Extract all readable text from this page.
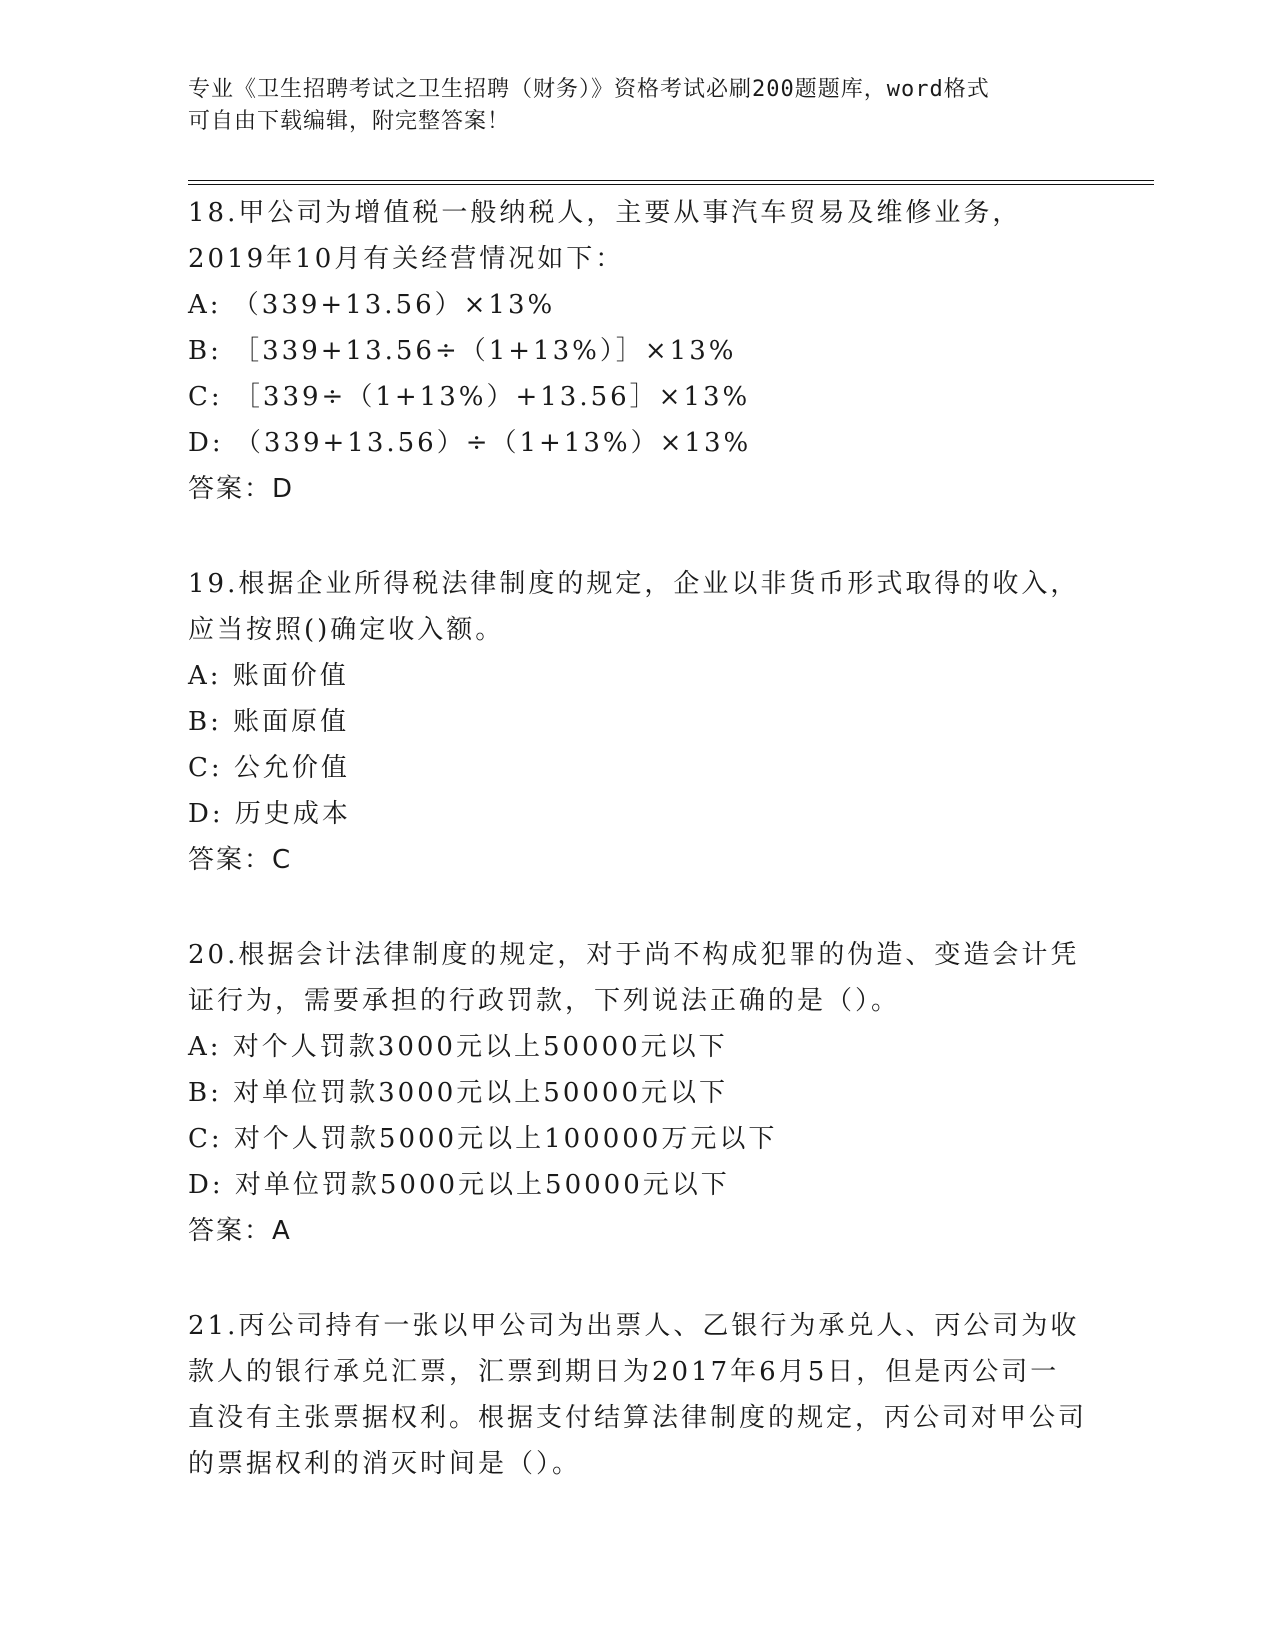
专业《卫生招聘考试之卫生招聘（财务）》资格考试必刷200题题库，word格式
可自由下载编辑，附完整答案！
18.甲公司为增值税一般纳税人，主要从事汽车贸易及维修业务，2019年10月有关经营情况如下：
A: （339+13.56）×13%
B: ［339+13.56÷（1+13%）］×13%
C: ［339÷（1+13%）+13.56］×13%
D: （339+13.56）÷（1+13%）×13%
答案：D
19.根据企业所得税法律制度的规定，企业以非货币形式取得的收入，应当按照()确定收入额。
A: 账面价值
B: 账面原值
C: 公允价值
D: 历史成本
答案：C
20.根据会计法律制度的规定，对于尚不构成犯罪的伪造、变造会计凭证行为，需要承担的行政罚款，下列说法正确的是（）。
A: 对个人罚款3000元以上50000元以下
B: 对单位罚款3000元以上50000元以下
C: 对个人罚款5000元以上100000万元以下
D: 对单位罚款5000元以上50000元以下
答案：A
21.丙公司持有一张以甲公司为出票人、乙银行为承兑人、丙公司为收款人的银行承兑汇票，汇票到期日为2017年6月5日，但是丙公司一直没有主张票据权利。根据支付结算法律制度的规定，丙公司对甲公司的票据权利的消灭时间是（）。
